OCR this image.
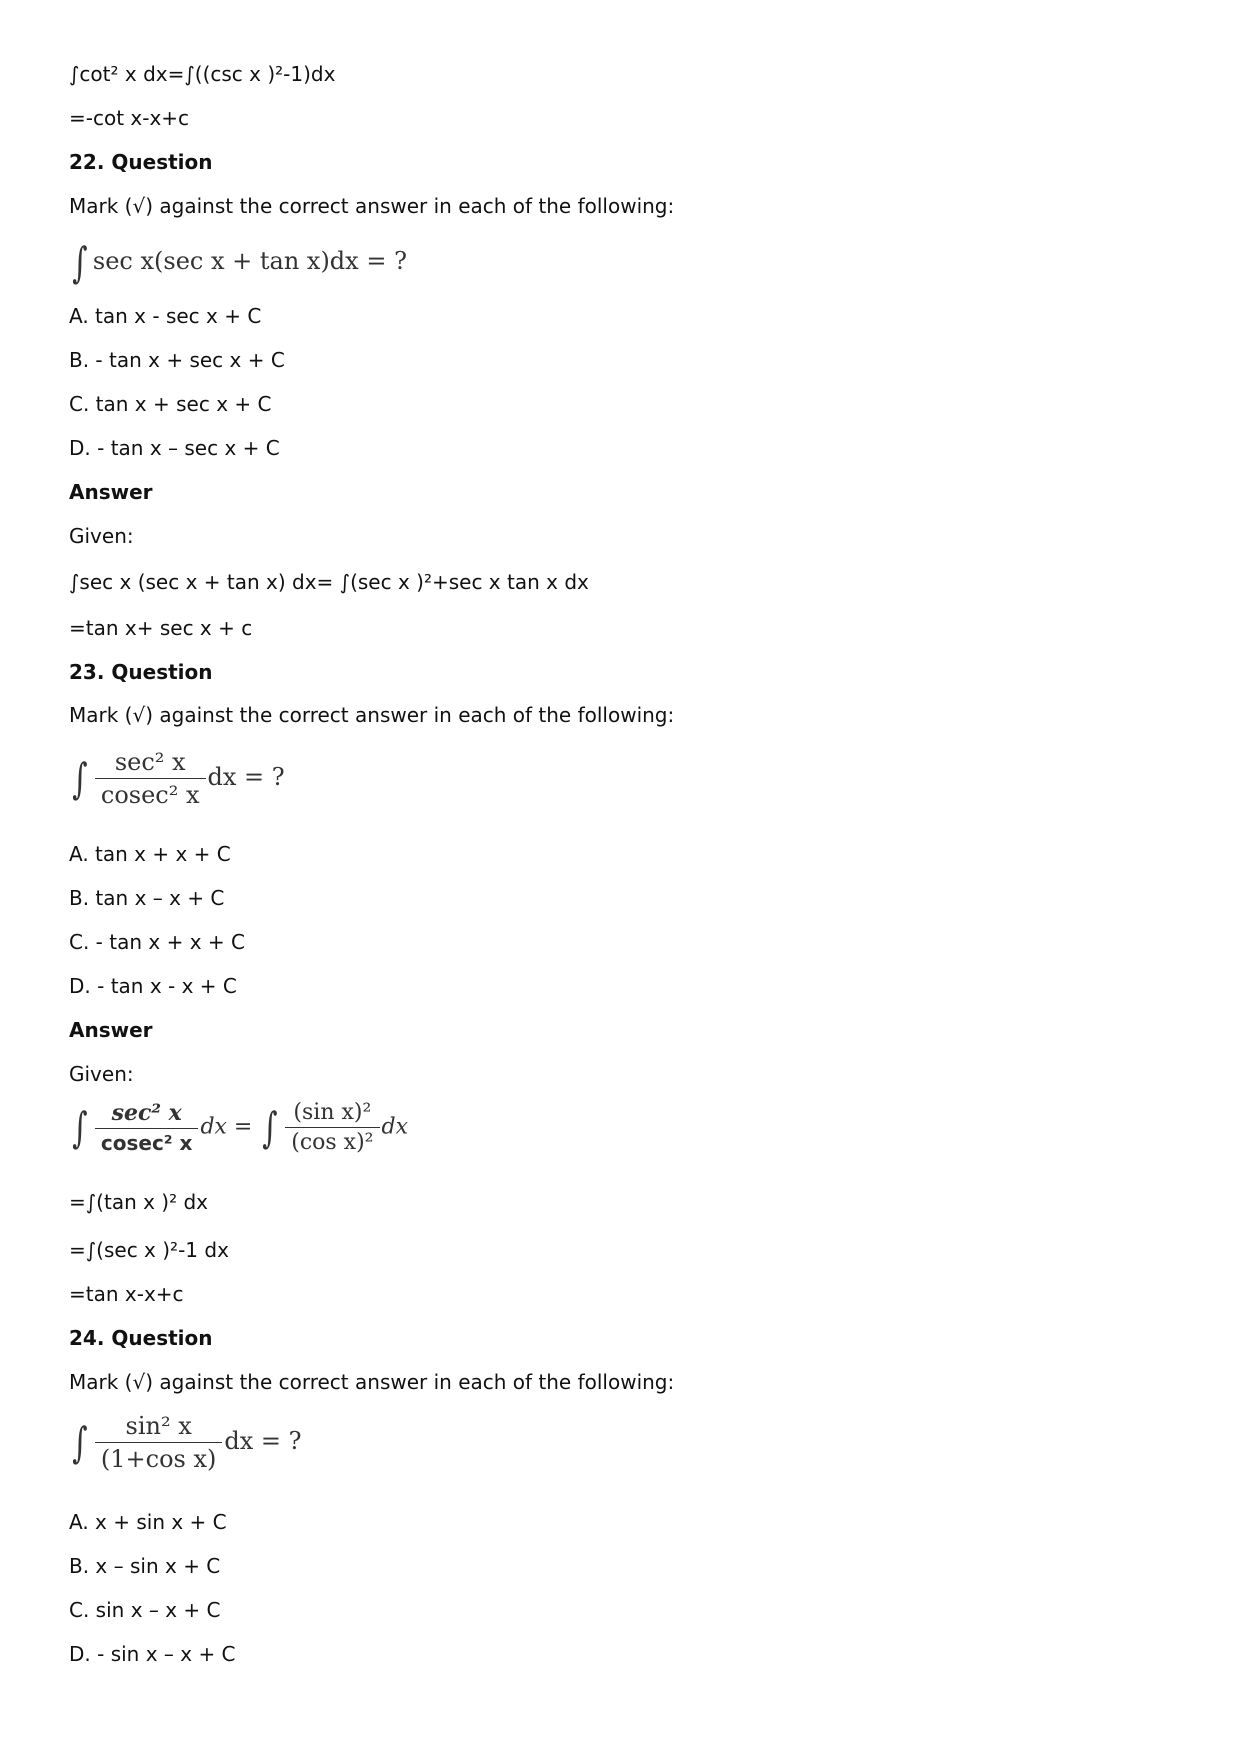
∫cot² x dx=∫((csc x )²-1)dx
=-cot x-x+c
22. Question
Mark (√) against the correct answer in each of the following:
∫ sec x(sec x + tan x)dx = ?
A. tan x - sec x + C
B. - tan x + sec x + C
C. tan x + sec x + C
D. - tan x – sec x + C
Answer
Given:
∫sec x (sec x + tan x) dx= ∫(sec x )²+sec x tan x dx
=tan x+ sec x + c
23. Question
Mark (√) against the correct answer in each of the following:
∫ $\frac{\text{sec² x}}{\text{cosec² x}}$ dx = ?
A. tan x + x + C
B. tan x – x + C
C. - tan x + x + C
D. - tan x - x + C
Answer
Given:
∫ $\frac{\text{sec² x}}{\text{cosec² x}}$ dx = ∫ $\frac{\text{(sin x)²}}{\text{(cos x)²}}$ dx
=∫(tan x )² dx
=∫(sec x )²-1 dx
=tan x-x+c
24. Question
Mark (√) against the correct answer in each of the following:
∫ $\frac{\text{sin² x}}{\text{(1+cos x)}}$ dx = ?
A. x + sin x + C
B. x – sin x + C
C. sin x – x + C
D. - sin x – x + C
